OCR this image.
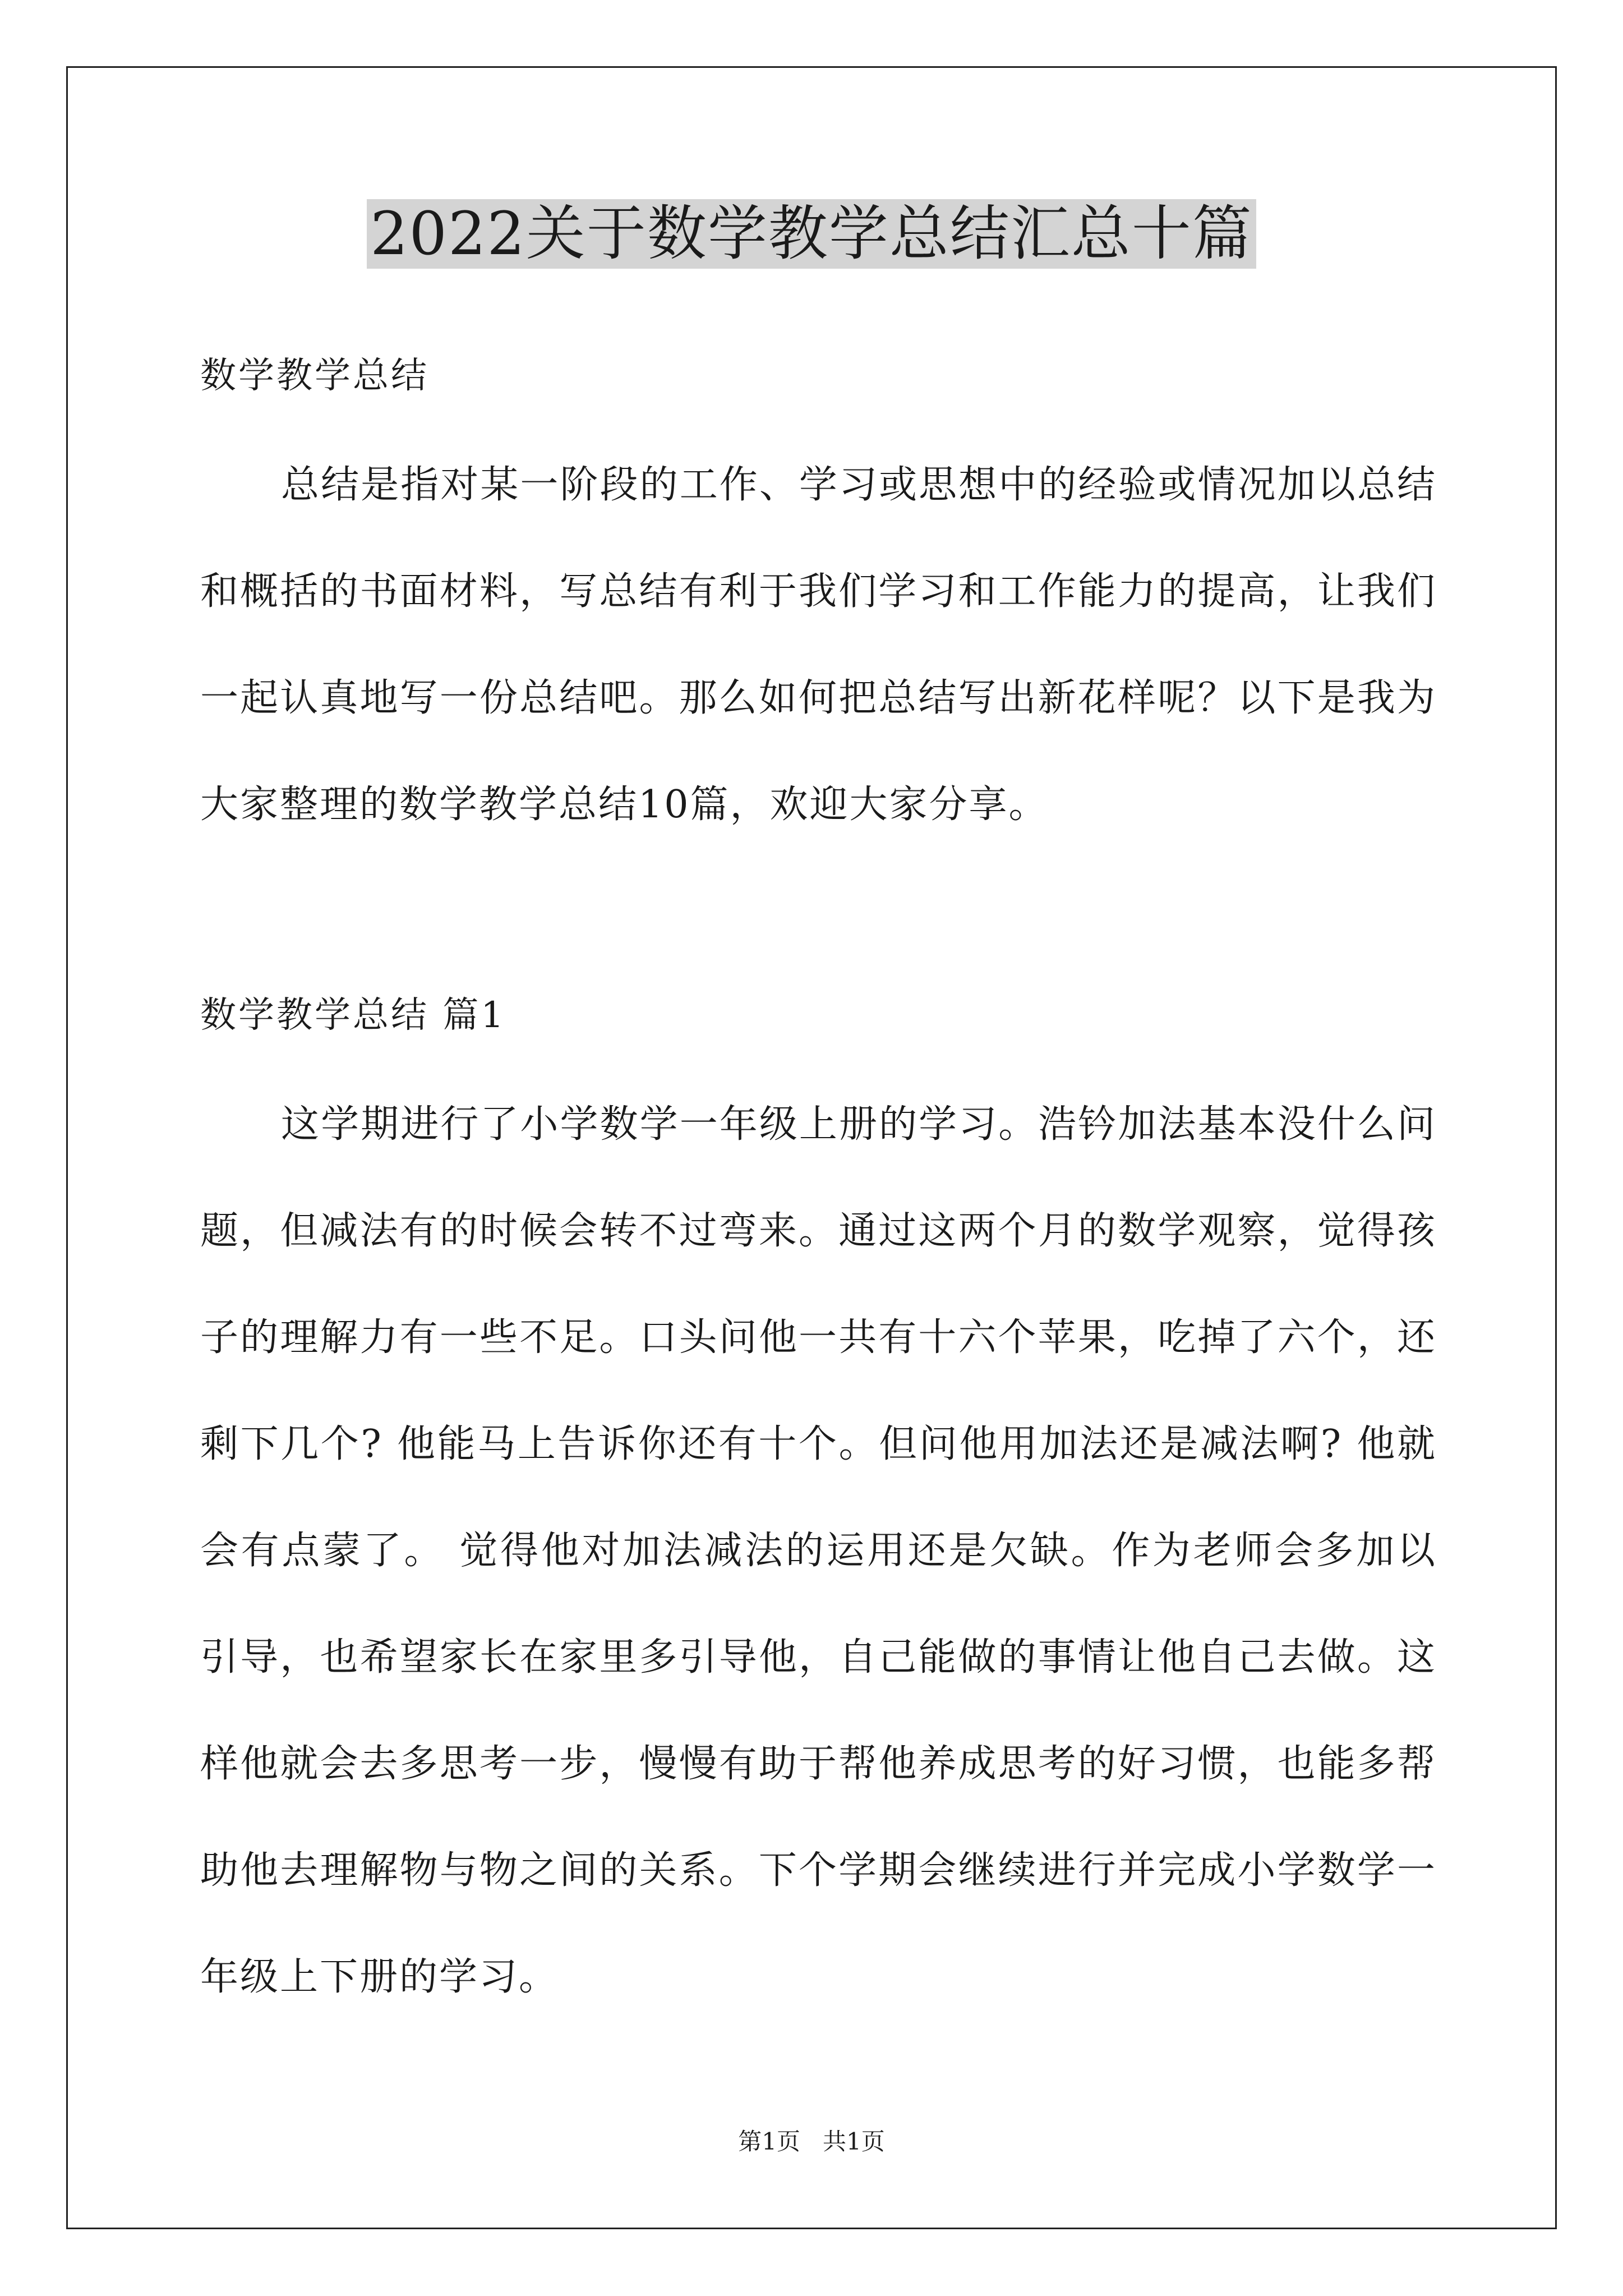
2022关于数学教学总结汇总十篇
数学教学总结
总结是指对某一阶段的工作、学习或思想中的经验或情况加以总结和概括的书面材料，写总结有利于我们学习和工作能力的提高，让我们一起认真地写一份总结吧。那么如何把总结写出新花样呢？以下是我为大家整理的数学教学总结10篇，欢迎大家分享。
数学教学总结 篇1
这学期进行了小学数学一年级上册的学习。浩钤加法基本没什么问题，但减法有的时候会转不过弯来。通过这两个月的数学观察，觉得孩子的理解力有一些不足。口头问他一共有十六个苹果，吃掉了六个，还剩下几个? 他能马上告诉你还有十个。但问他用加法还是减法啊? 他就会有点蒙了。 觉得他对加法减法的运用还是欠缺。作为老师会多加以引导，也希望家长在家里多引导他，自己能做的事情让他自己去做。这样他就会去多思考一步，慢慢有助于帮他养成思考的好习惯，也能多帮助他去理解物与物之间的关系。下个学期会继续进行并完成小学数学一年级上下册的学习。
第1页   共1页
